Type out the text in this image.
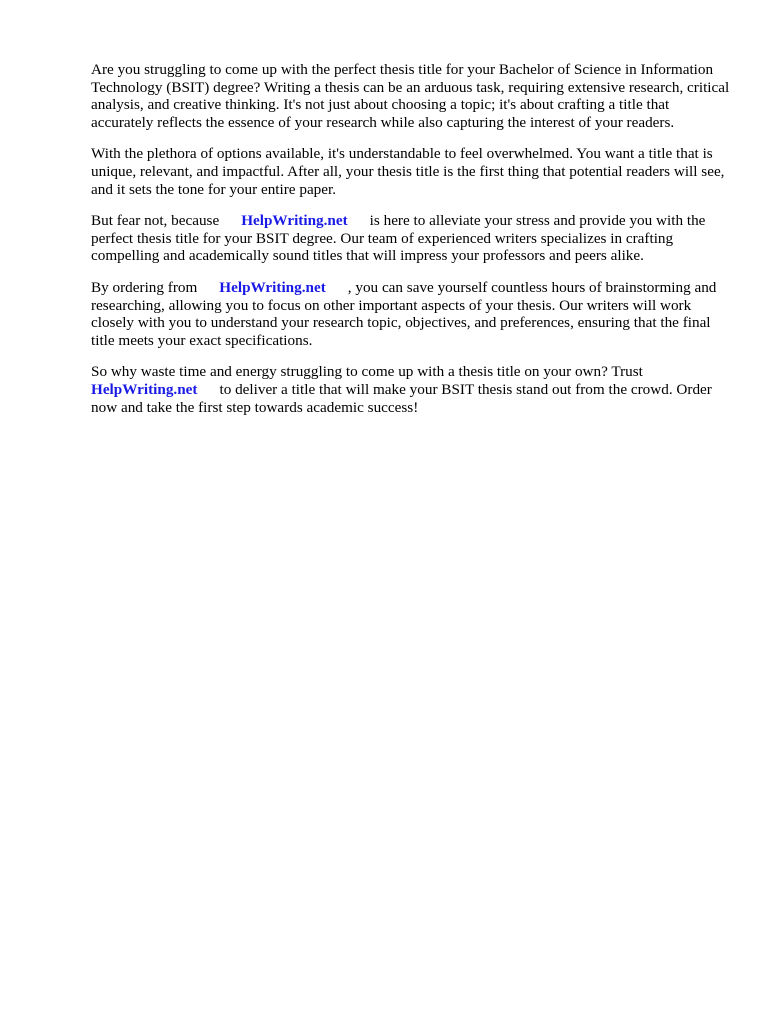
Are you struggling to come up with the perfect thesis title for your Bachelor of Science in Information Technology (BSIT) degree? Writing a thesis can be an arduous task, requiring extensive research, critical analysis, and creative thinking. It's not just about choosing a topic; it's about crafting a title that accurately reflects the essence of your research while also capturing the interest of your readers.

With the plethora of options available, it's understandable to feel overwhelmed. You want a title that is unique, relevant, and impactful. After all, your thesis title is the first thing that potential readers will see, and it sets the tone for your entire paper.

But fear not, because HelpWriting.net is here to alleviate your stress and provide you with the perfect thesis title for your BSIT degree. Our team of experienced writers specializes in crafting compelling and academically sound titles that will impress your professors and peers alike.

By ordering from HelpWriting.net , you can save yourself countless hours of brainstorming and researching, allowing you to focus on other important aspects of your thesis. Our writers will work closely with you to understand your research topic, objectives, and preferences, ensuring that the final title meets your exact specifications.

So why waste time and energy struggling to come up with a thesis title on your own? Trust HelpWriting.net to deliver a title that will make your BSIT thesis stand out from the crowd. Order now and take the first step towards academic success!
